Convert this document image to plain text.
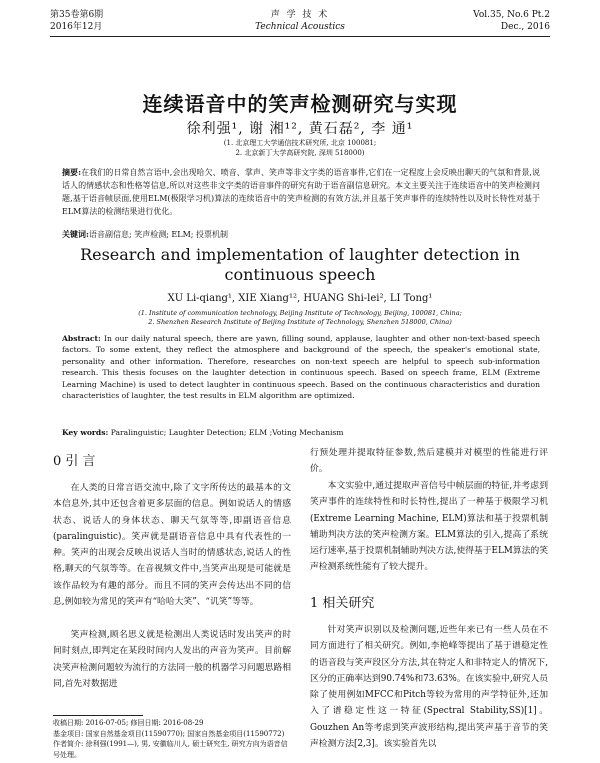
第35卷第6期
2016年12月
声 学 技 术
Technical Acoustics
Vol.35, No.6 Pt.2
Dec., 2016
连续语音中的笑声检测研究与实现
徐利强¹, 谢 湘¹², 黄石磊², 李 通¹
(1. 北京理工大学通信技术研究所, 北京 100081;
2. 北京新丁大学高研究院, 深圳 518000)
摘要:在我们的日常自然言语中,会出现哈欠、喷音、掌声、笑声等非文字类的语音事件,它们在一定程度上会反映出聊天的气氛和背景,说话人的情感状态和性格等信息,所以对这些非文字类的语音事件的研究有助于语音副信息研究。本文主要关注于连续语音中的笑声检测问题,基于语音帧层面,使用ELM(极限学习机)算法的连续语音中的笑声检测的有效方法,并且基于笑声事件的连续特性以及时长特性对基于ELM算法的检测结果进行优化。
关键词:语音副信息; 笑声检测; ELM; 投票机制
Research and implementation of laughter detection in
continuous speech
XU Li-qiang¹, XIE Xiang¹², HUANG Shi-lei², LI Tong¹
(1. Institute of communication technology, Beijing Institute of Technology, Beijing, 100081, China;
2. Shenzhen Research Institute of Beijing Institute of Technology, Shenzhen 518000, China)
Abstract: In our daily natural speech, there are yawn, filling sound, applause, laughter and other non-text-based speech factors. To some extent, they reflect the atmosphere and background of the speech, the speaker's emotional state, personality and other information. Therefore, researches on non-text speech are helpful to speech sub-information research. This thesis focuses on the laughter detection in continuous speech. Based on speech frame, ELM (Extreme Learning Machine) is used to detect laughter in continuous speech. Based on the continuous characteristics and duration characteristics of laughter, the test results in ELM algorithm are optimized.
Key words: Paralinguistic; Laughter Detection; ELM ;Voting Mechanism
0 引 言
在人类的日常言语交流中,除了文字所传达的最基本的文本信息外,其中还包含着更多层面的信息。例如说话人的情感状态、说话人的身体状态、聊天气氛等等,即副语音信息(paralinguistic)。笑声就是副语音信息中具有代表性的一种。笑声的出现会反映出说话人当时的情感状态,说话人的性格,聊天的气氛等等。在音视频文件中,当笑声出现是可能就是该作品较为有趣的部分。而且不同的笑声会传达出不同的信息,例如较为常见的笑声有“哈哈大笑”、“讥笑”等等。
笑声检测,顾名思义就是检测出人类说话时发出笑声的时间时刻点,即判定在某段时间内人发出的声音为笑声。目前解决笑声检测问题较为流行的方法同一般的机器学习问题思路相同,首先对数据进
收稿日期: 2016-07-05; 修回日期: 2016-08-29
基金项目: 国家自然基金项目(11590770); 国家自然基金项目(11590772)
作者简介: 徐利强(1991—), 男, 安徽临川人, 硕士研究生, 研究方向为语音信号处理。
行预处理并提取特征参数,然后建模并对模型的性能进行评价。
本文实验中,通过提取声音信号中帧层面的特征,并考虑到笑声事件的连续特性和时长特性,提出了一种基于极限学习机(Extreme Learning Machine, ELM)算法和基于投票机制辅助判决方法的笑声检测方案。ELM算法的引入,提高了系统运行速率,基于投票机制辅助判决方法,使得基于ELM算法的笑声检测系统性能有了较大提升。
1 相关研究
针对笑声识别以及检测问题,近些年来已有一些人员在不同方面进行了相关研究。例如,李艳峰等提出了基于谱稳定性的语音段与笑声段区分方法,其在特定人和非特定人的情况下,区分的正确率达到90.74%和73.63%。在该实验中,研究人员除了使用例如MFCC和Pitch等较为常用的声学特征外,还加入了谱稳定性这一特征(Spectral Stability,SS)[1]。Gouzhen An等考虑到笑声波形结构,提出笑声基于音节的笑声检测方法[2,3]。该实验首先以
